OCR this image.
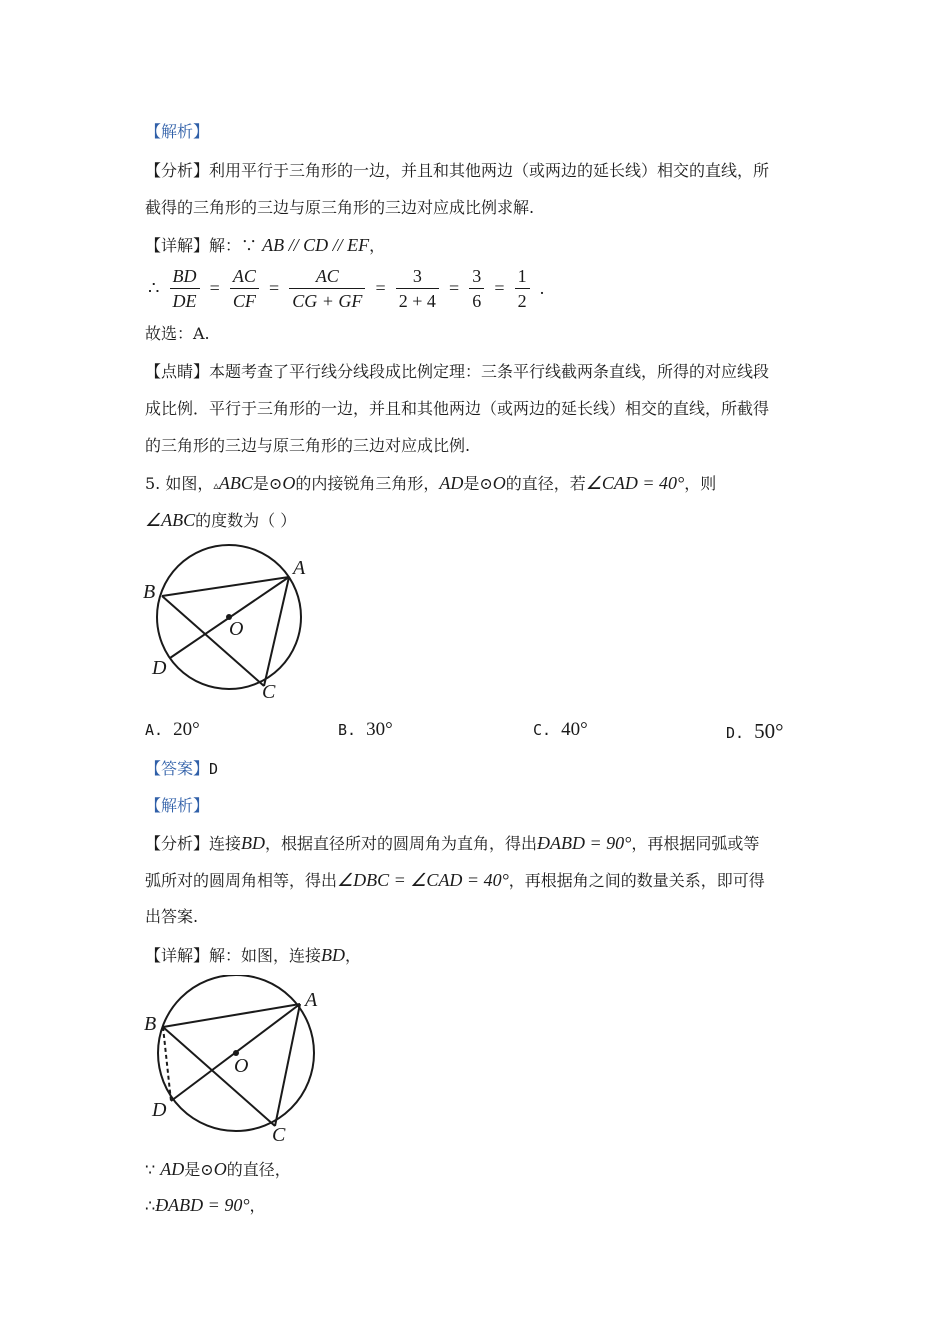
【解析】
【分析】利用平行于三角形的一边，并且和其他两边（或两边的延长线）相交的直线，所
截得的三角形的三边与原三角形的三边对应成比例求解.
【详解】解：∵ AB // CD // EF，
∴ $\frac{BD}{DE} = \frac{AC}{CF} = \frac{AC}{CG + GF} = \frac{3}{2 + 4} = \frac{3}{6} = \frac{1}{2}$ .
故选：A.
【点睛】本题考查了平行线分线段成比例定理：三条平行线截两条直线，所得的对应线段
成比例．平行于三角形的一边，并且和其他两边（或两边的延长线）相交的直线，所截得
的三角形的三边与原三角形的三边对应成比例.
5. 如图，▵ABC是⊙O的内接锐角三角形，AD是⊙O的直径，若∠CAD = 40°，则
∠ABC的度数为（ ）
A
B
O
D
C
A. 20°	B. 30°	C. 40°	D. 50°
【答案】D
【解析】
【分析】连接BD，根据直径所对的圆周角为直角，得出ÐABD = 90°，再根据同弧或等
弧所对的圆周角相等，得出∠DBC = ∠CAD = 40°，再根据角之间的数量关系，即可得
出答案.
【详解】解：如图，连接BD，
A
B
O
D
C
∵ AD是⊙O的直径，
∴ÐABD = 90°，
